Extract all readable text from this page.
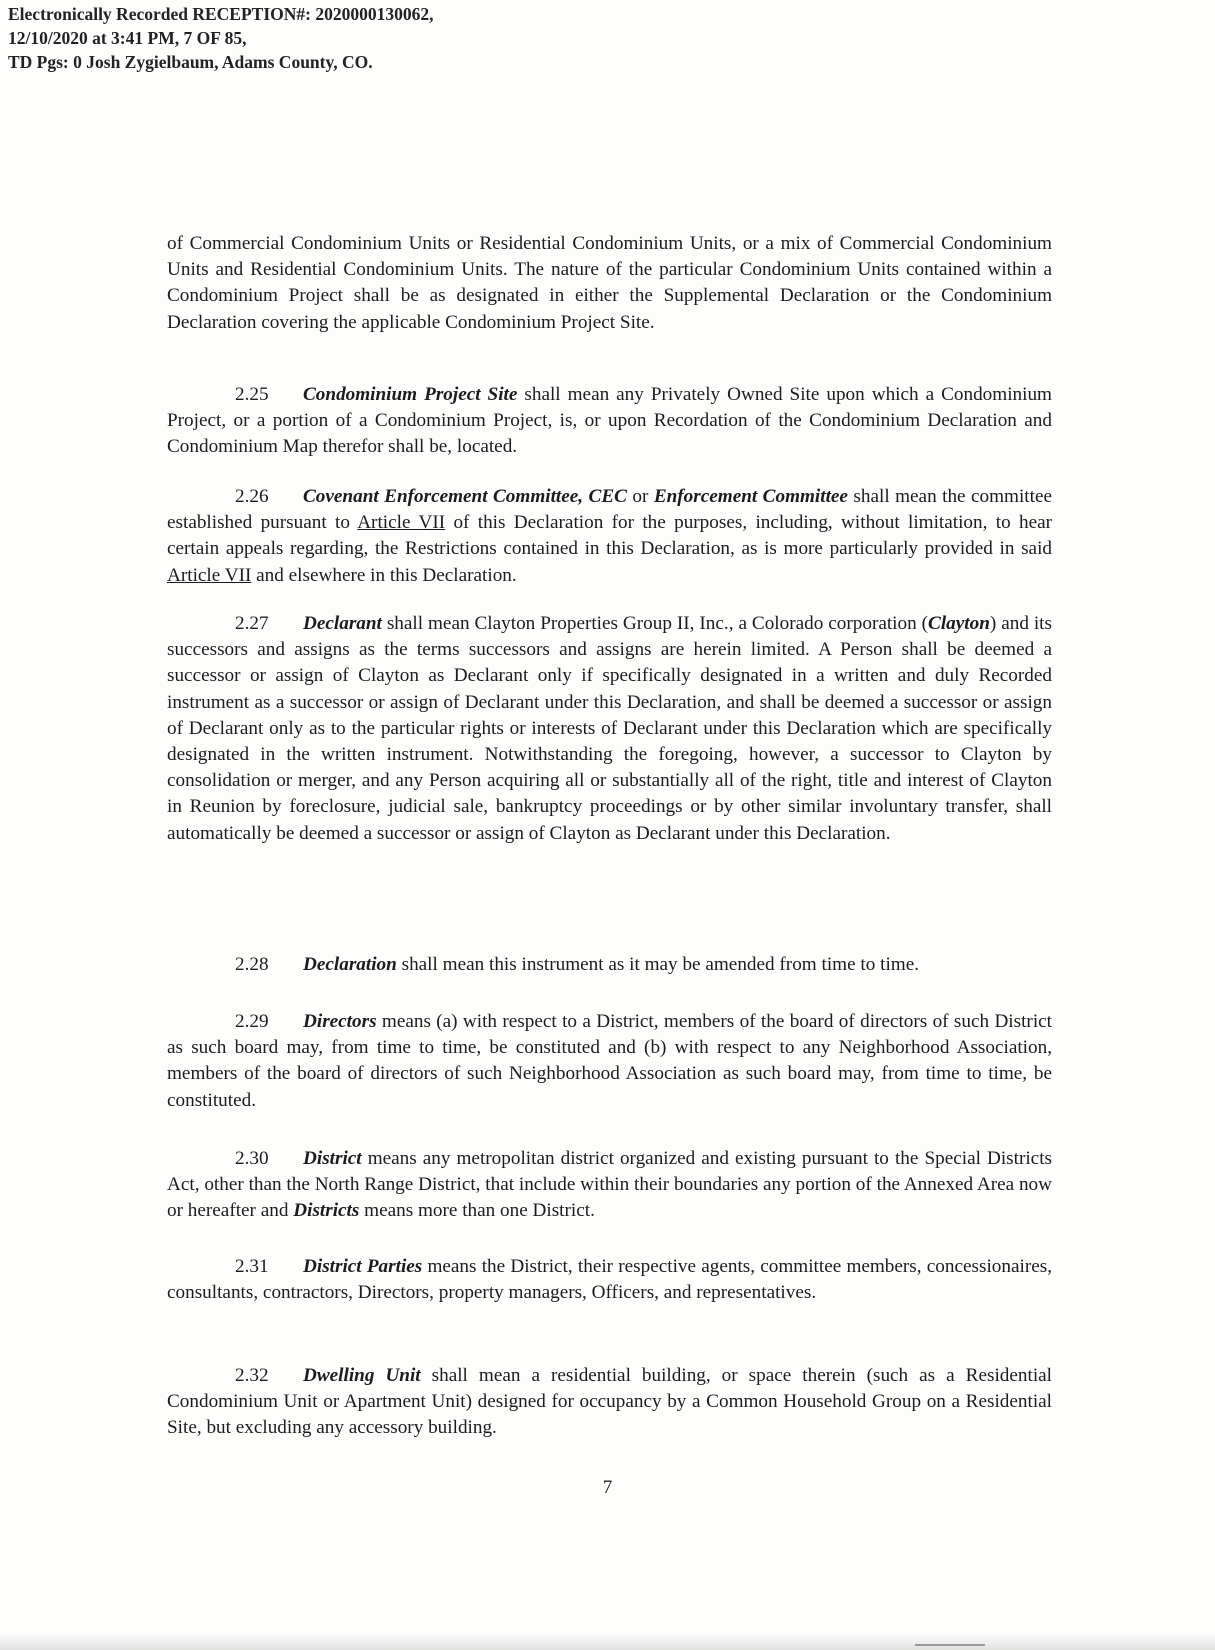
Electronically Recorded RECEPTION#: 2020000130062,
12/10/2020 at 3:41 PM, 7 OF 85,
TD Pgs: 0 Josh Zygielbaum, Adams County, CO.

of Commercial Condominium Units or Residential Condominium Units, or a mix of Commercial Condominium Units and Residential Condominium Units. The nature of the particular Condominium Units contained within a Condominium Project shall be as designated in either the Supplemental Declaration or the Condominium Declaration covering the applicable Condominium Project Site.

2.25 Condominium Project Site shall mean any Privately Owned Site upon which a Condominium Project, or a portion of a Condominium Project, is, or upon Recordation of the Condominium Declaration and Condominium Map therefor shall be, located.

2.26 Covenant Enforcement Committee, CEC or Enforcement Committee shall mean the committee established pursuant to Article VII of this Declaration for the purposes, including, without limitation, to hear certain appeals regarding, the Restrictions contained in this Declaration, as is more particularly provided in said Article VII and elsewhere in this Declaration.

2.27 Declarant shall mean Clayton Properties Group II, Inc., a Colorado corporation (Clayton) and its successors and assigns as the terms successors and assigns are herein limited. A Person shall be deemed a successor or assign of Clayton as Declarant only if specifically designated in a written and duly Recorded instrument as a successor or assign of Declarant under this Declaration, and shall be deemed a successor or assign of Declarant only as to the particular rights or interests of Declarant under this Declaration which are specifically designated in the written instrument. Notwithstanding the foregoing, however, a successor to Clayton by consolidation or merger, and any Person acquiring all or substantially all of the right, title and interest of Clayton in Reunion by foreclosure, judicial sale, bankruptcy proceedings or by other similar involuntary transfer, shall automatically be deemed a successor or assign of Clayton as Declarant under this Declaration.

2.28 Declaration shall mean this instrument as it may be amended from time to time.

2.29 Directors means (a) with respect to a District, members of the board of directors of such District as such board may, from time to time, be constituted and (b) with respect to any Neighborhood Association, members of the board of directors of such Neighborhood Association as such board may, from time to time, be constituted.

2.30 District means any metropolitan district organized and existing pursuant to the Special Districts Act, other than the North Range District, that include within their boundaries any portion of the Annexed Area now or hereafter and Districts means more than one District.

2.31 District Parties means the District, their respective agents, committee members, concessionaires, consultants, contractors, Directors, property managers, Officers, and representatives.

2.32 Dwelling Unit shall mean a residential building, or space therein (such as a Residential Condominium Unit or Apartment Unit) designed for occupancy by a Common Household Group on a Residential Site, but excluding any accessory building.

7
